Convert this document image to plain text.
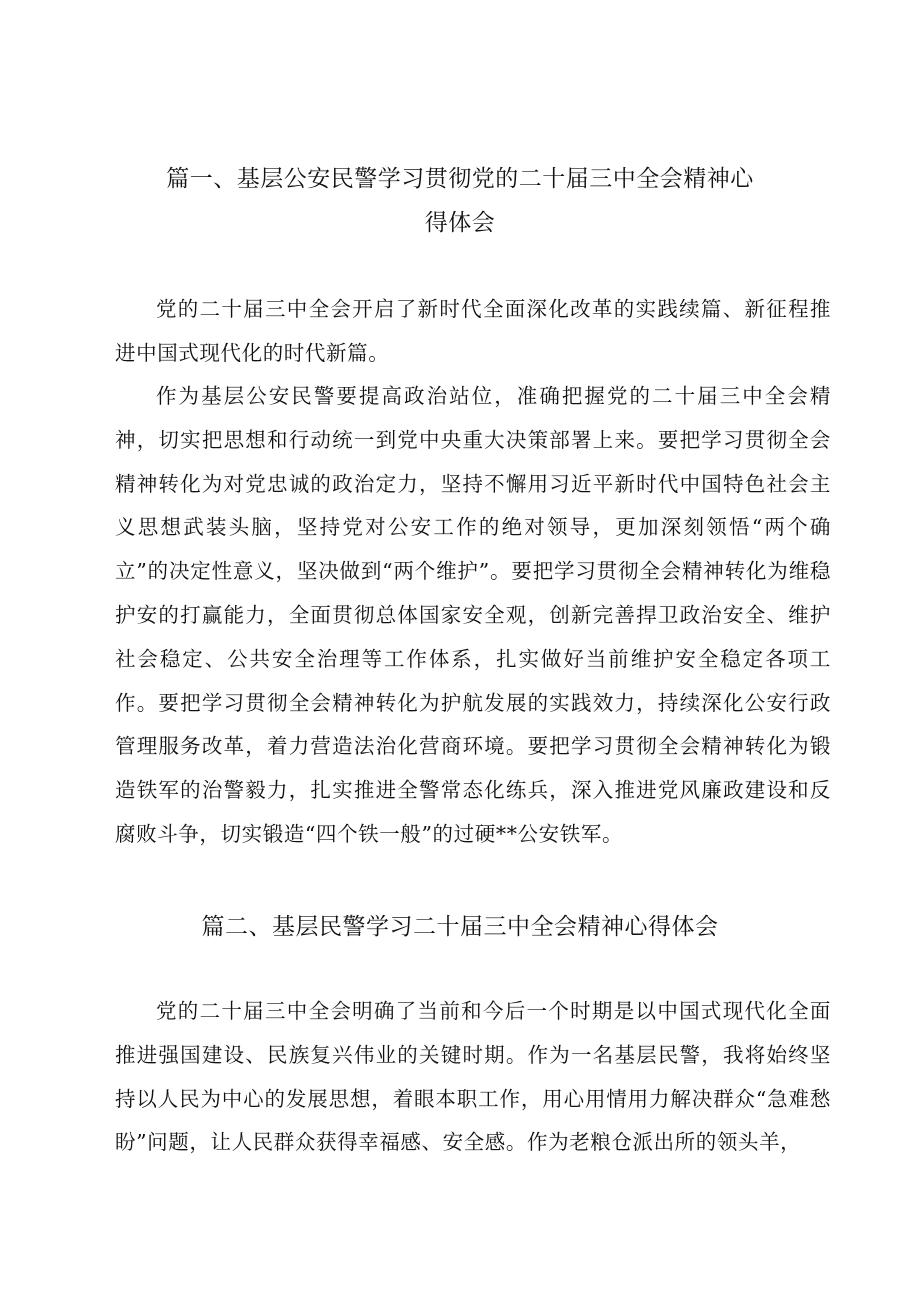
篇一、基层公安民警学习贯彻党的二十届三中全会精神心
得体会

党的二十届三中全会开启了新时代全面深化改革的实践续篇、新征程推进中国式现代化的时代新篇。

作为基层公安民警要提高政治站位，准确把握党的二十届三中全会精神，切实把思想和行动统一到党中央重大决策部署上来。要把学习贯彻全会精神转化为对党忠诚的政治定力，坚持不懈用习近平新时代中国特色社会主义思想武装头脑，坚持党对公安工作的绝对领导，更加深刻领悟“两个确立”的决定性意义，坚决做到“两个维护”。要把学习贯彻全会精神转化为维稳护安的打赢能力，全面贯彻总体国家安全观，创新完善捍卫政治安全、维护社会稳定、公共安全治理等工作体系，扎实做好当前维护安全稳定各项工作。要把学习贯彻全会精神转化为护航发展的实践效力，持续深化公安行政管理服务改革，着力营造法治化营商环境。要把学习贯彻全会精神转化为锻造铁军的治警毅力，扎实推进全警常态化练兵，深入推进党风廉政建设和反腐败斗争，切实锻造“四个铁一般”的过硬**公安铁军。

篇二、基层民警学习二十届三中全会精神心得体会

党的二十届三中全会明确了当前和今后一个时期是以中国式现代化全面推进强国建设、民族复兴伟业的关键时期。作为一名基层民警，我将始终坚持以人民为中心的发展思想，着眼本职工作，用心用情用力解决群众“急难愁盼”问题，让人民群众获得幸福感、安全感。作为老粮仓派出所的领头羊，
